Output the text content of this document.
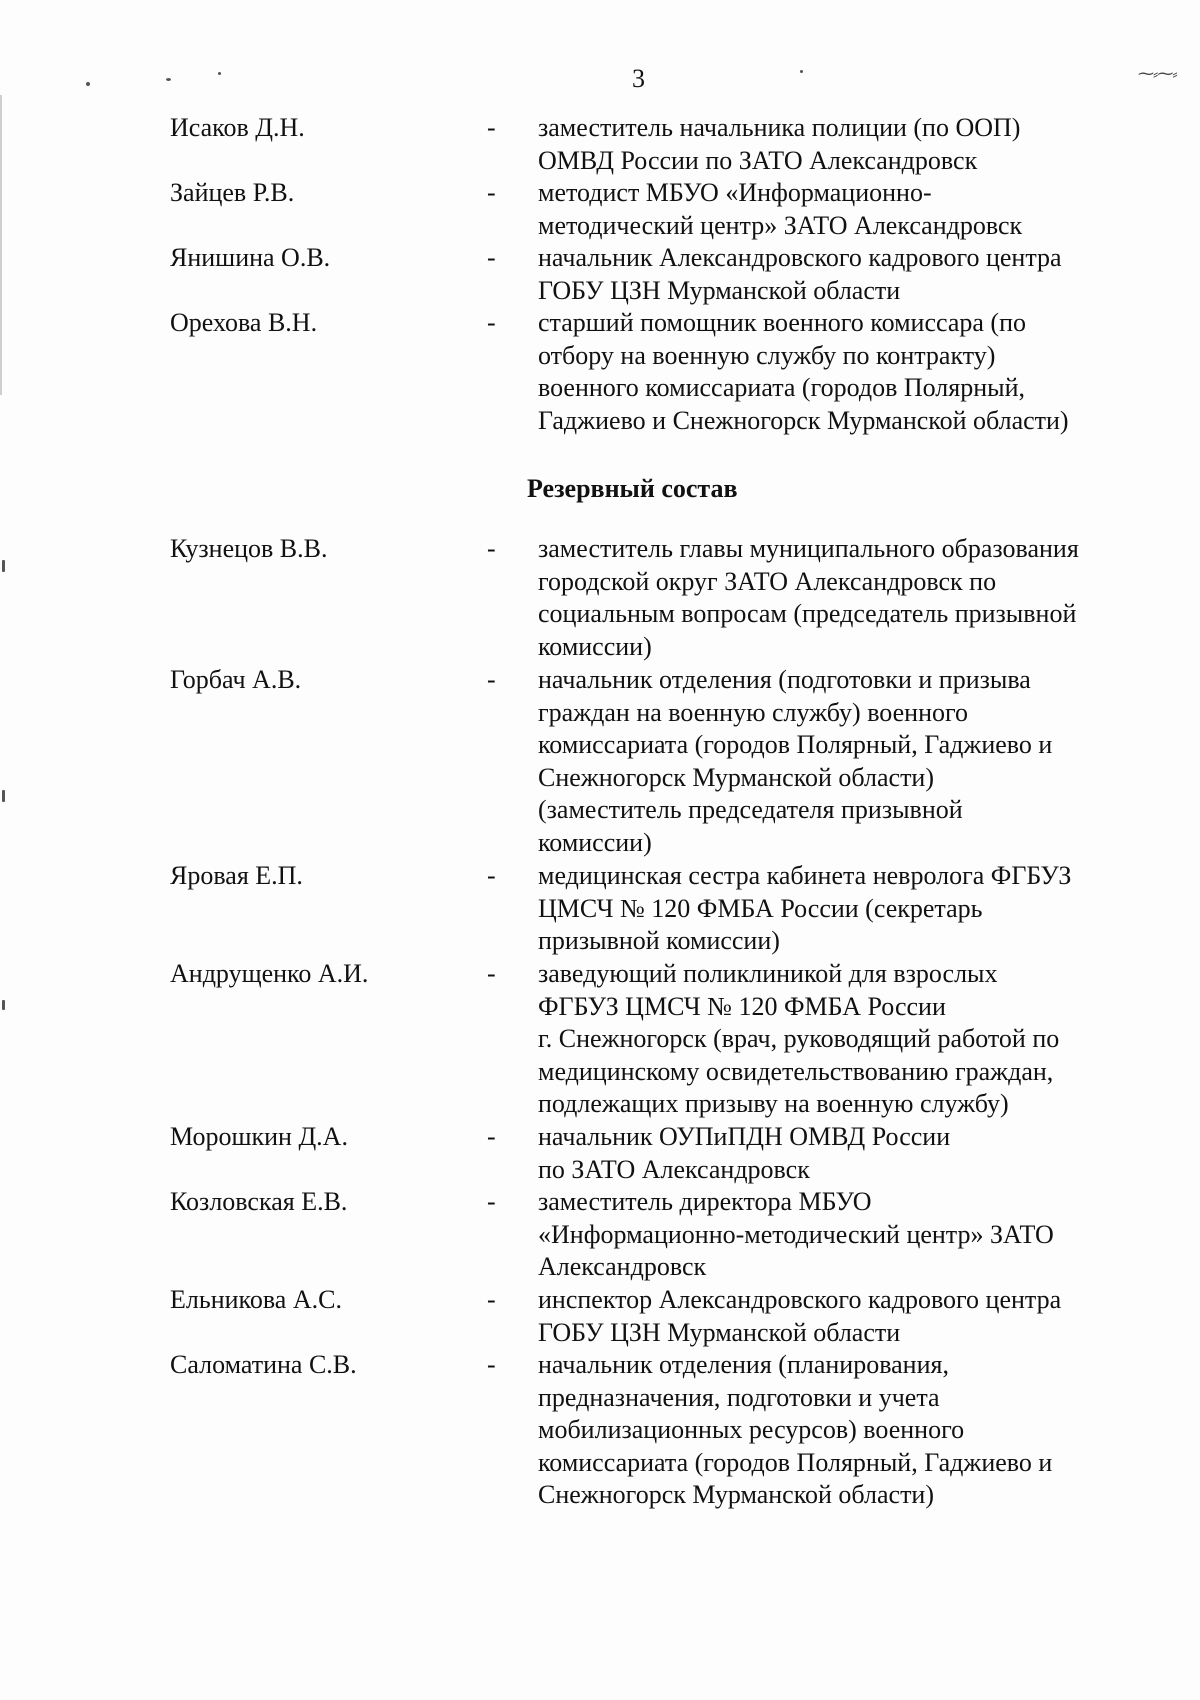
⁓⸗⁓⸗
3
Исаков Д.Н.	- заместитель начальника полиции (по ООП)
ОМВД России по ЗАТО Александровск
Зайцев Р.В.	- методист МБУО «Информационно-
методический центр» ЗАТО Александровск
Янишина О.В.	- начальник Александровского кадрового центра
ГОБУ ЦЗН Мурманской области
Орехова В.Н.	- старший помощник военного комиссара (по
отбору на военную службу по контракту)
военного комиссариата (городов Полярный,
Гаджиево и Снежногорск Мурманской области)
Резервный состав
Кузнецов В.В.	- заместитель главы муниципального образования
городской округ ЗАТО Александровск по
социальным вопросам (председатель призывной
комиссии)
Горбач А.В.	- начальник отделения (подготовки и призыва
граждан на военную службу) военного
комиссариата (городов Полярный, Гаджиево и
Снежногорск Мурманской области)
(заместитель председателя призывной
комиссии)
Яровая Е.П.	- медицинская сестра кабинета невролога ФГБУЗ
ЦМСЧ № 120 ФМБА России (секретарь
призывной комиссии)
Андрущенко А.И.	- заведующий поликлиникой для взрослых
ФГБУЗ ЦМСЧ № 120 ФМБА России
г. Снежногорск (врач, руководящий работой по
медицинскому освидетельствованию граждан,
подлежащих призыву на военную службу)
Морошкин Д.А.	- начальник ОУПиПДН ОМВД России
по ЗАТО Александровск
Козловская Е.В.	- заместитель директора МБУО
«Информационно-методический центр» ЗАТО
Александровск
Ельникова А.С.	- инспектор Александровского кадрового центра
ГОБУ ЦЗН Мурманской области
Саломатина С.В.	- начальник отделения (планирования,
предназначения, подготовки и учета
мобилизационных ресурсов) военного
комиссариата (городов Полярный, Гаджиево и
Снежногорск Мурманской области)
